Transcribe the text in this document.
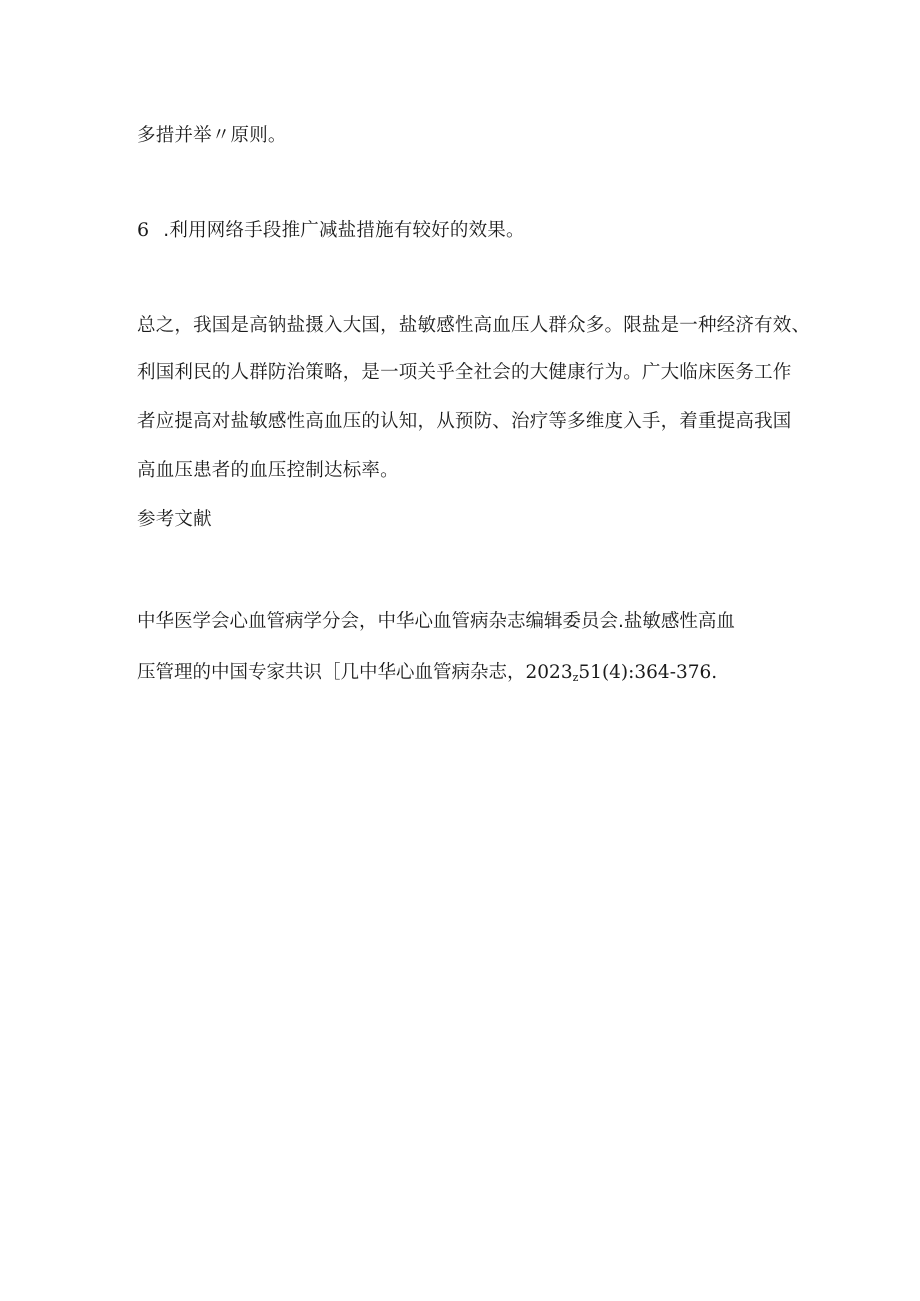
多措并举〃原则。
6 .利用网络手段推广减盐措施有较好的效果。
总之，我国是高钠盐摄入大国，盐敏感性高血压人群众多。限盐是一种经济有效、
利国利民的人群防治策略，是一项关乎全社会的大健康行为。广大临床医务工作
者应提高对盐敏感性高血压的认知，从预防、治疗等多维度入手，着重提高我国
高血压患者的血压控制达标率。
参考文献
中华医学会心血管病学分会，中华心血管病杂志编辑委员会.盐敏感性高血
压管理的中国专家共识［几中华心血管病杂志，$2023_z51(4):364-376$.
